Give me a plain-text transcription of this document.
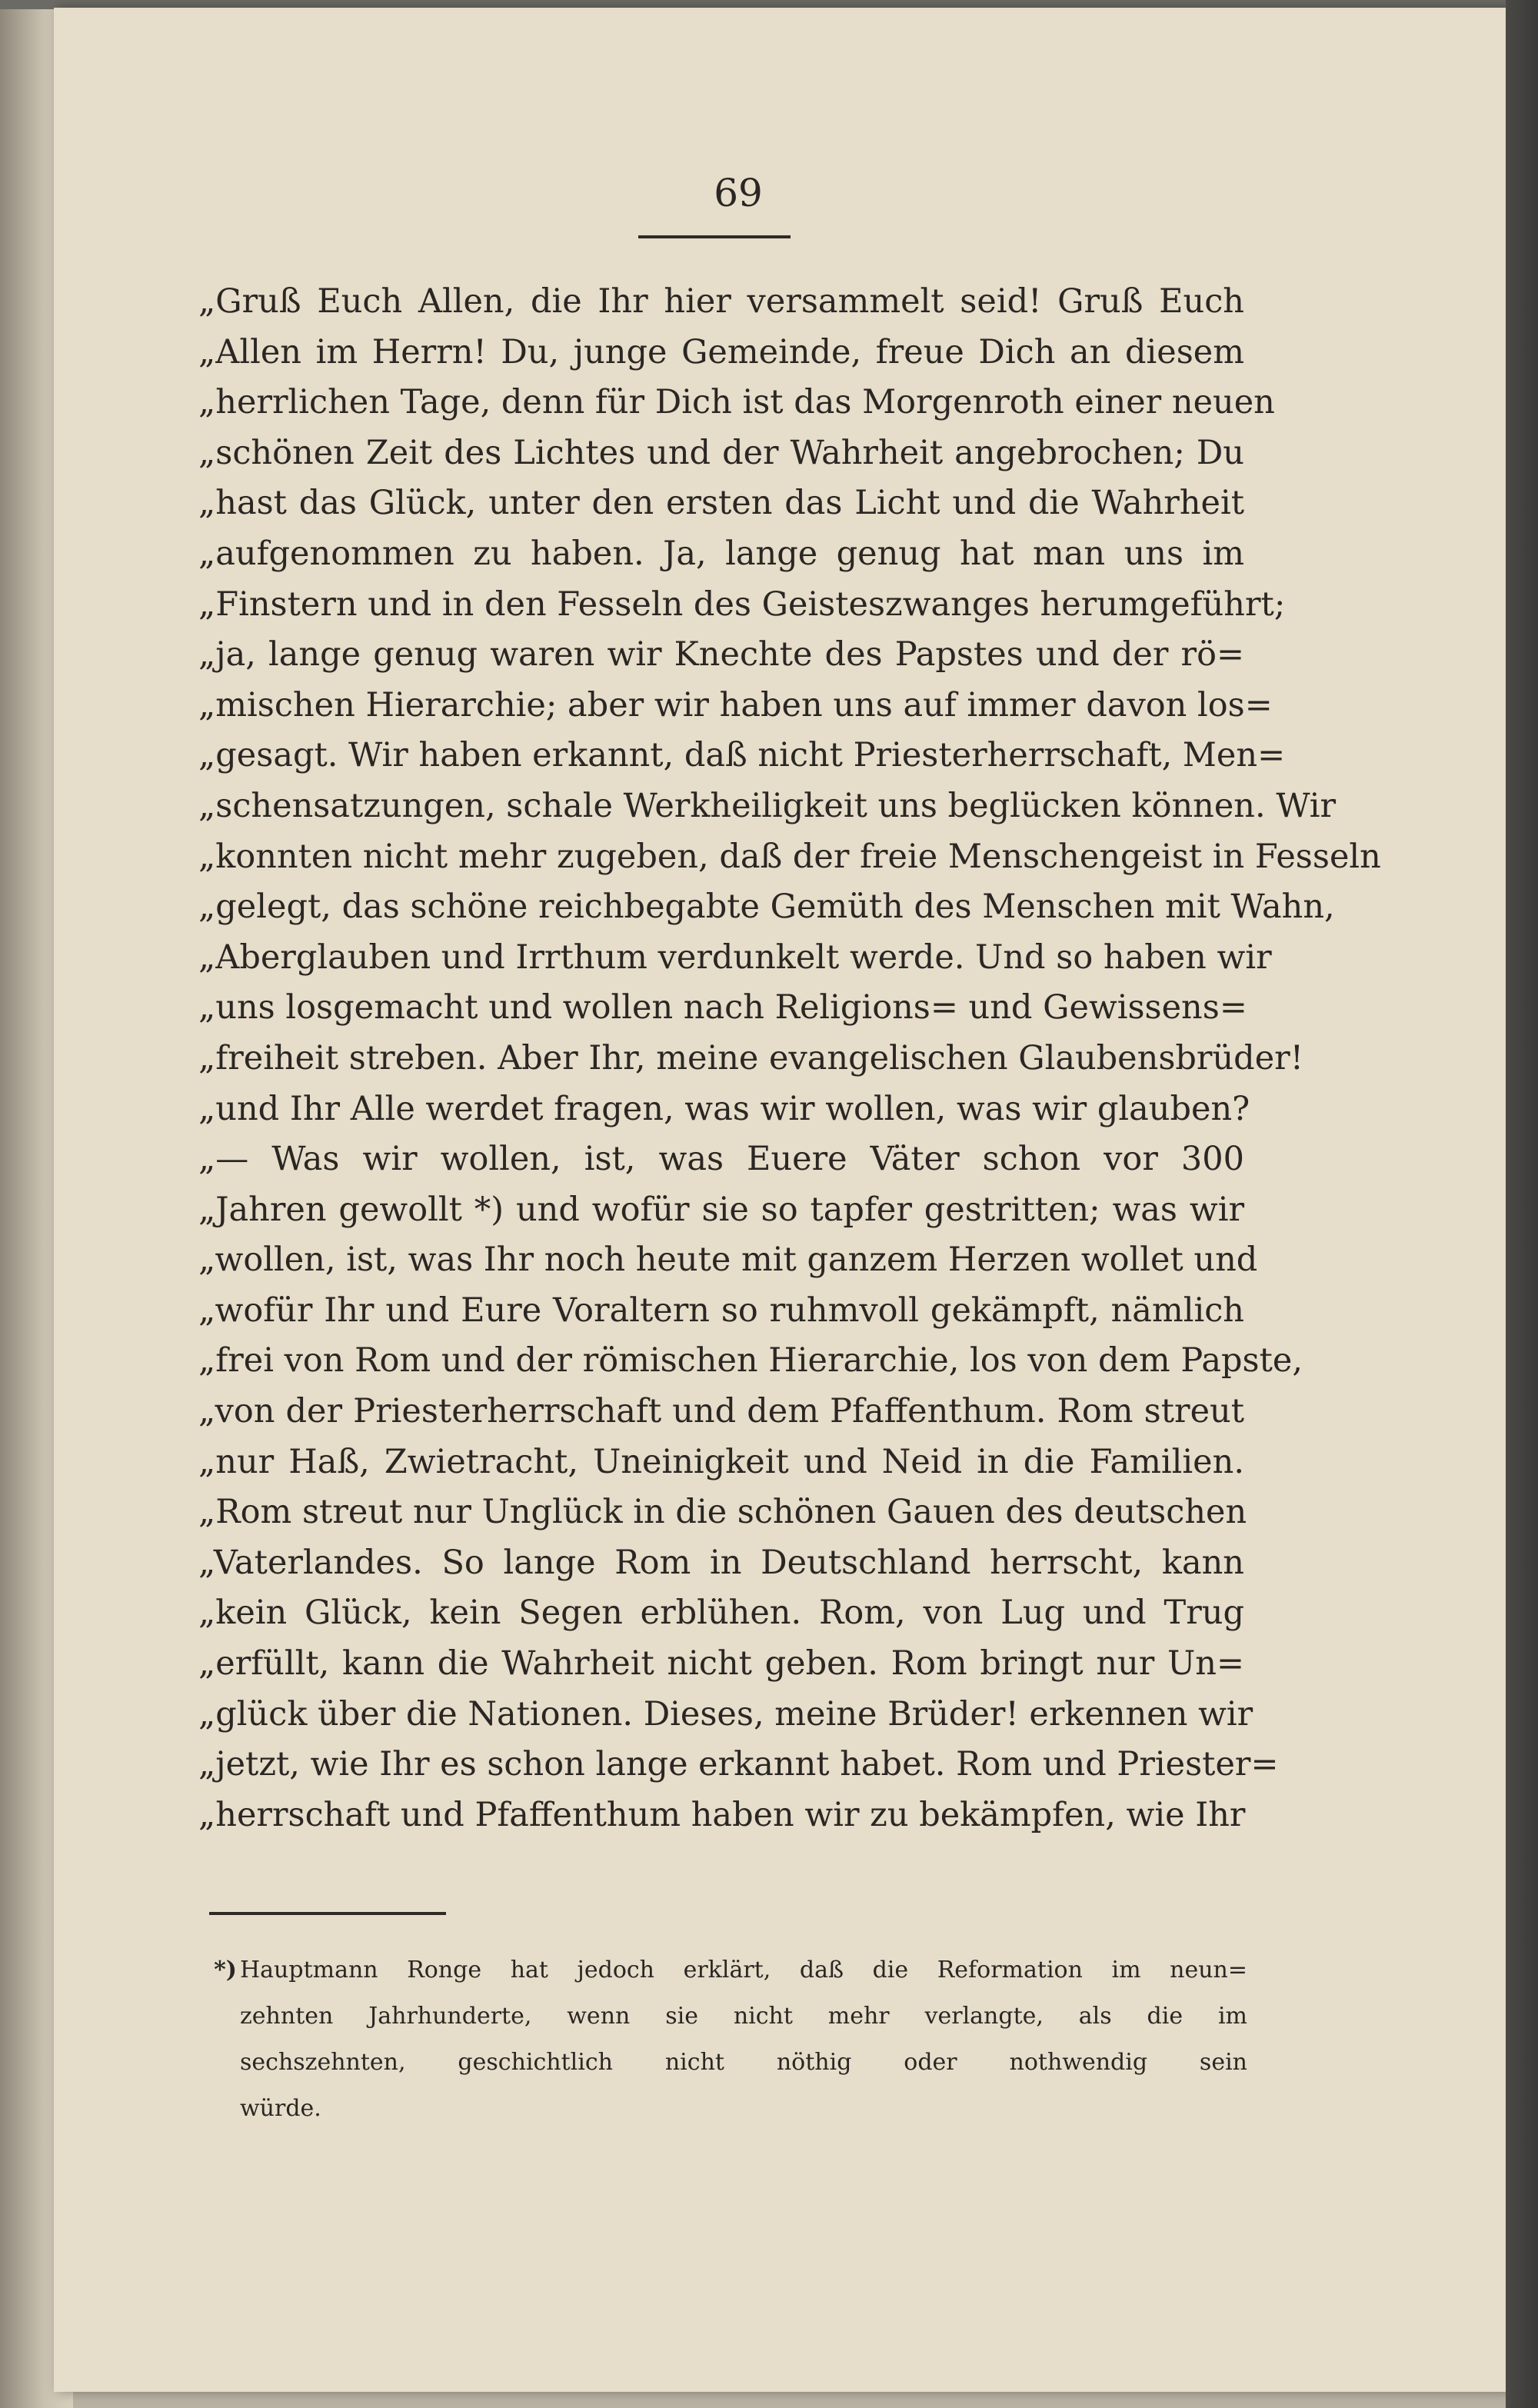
69
„Gruß Euch Allen, die Ihr hier versammelt seid! Gruß Euch
„Allen im Herrn! Du, junge Gemeinde, freue Dich an diesem
„herrlichen Tage, denn für Dich ist das Morgenroth einer neuen
„schönen Zeit des Lichtes und der Wahrheit angebrochen; Du
„hast das Glück, unter den ersten das Licht und die Wahrheit
„aufgenommen zu haben. Ja, lange genug hat man uns im
„Finstern und in den Fesseln des Geisteszwanges herumgeführt;
„ja, lange genug waren wir Knechte des Papstes und der rö=
„mischen Hierarchie; aber wir haben uns auf immer davon los=
„gesagt. Wir haben erkannt, daß nicht Priesterherrschaft, Men=
„schensatzungen, schale Werkheiligkeit uns beglücken können. Wir
„konnten nicht mehr zugeben, daß der freie Menschengeist in Fesseln
„gelegt, das schöne reichbegabte Gemüth des Menschen mit Wahn,
„Aberglauben und Irrthum verdunkelt werde. Und so haben wir
„uns losgemacht und wollen nach Religions= und Gewissens=
„freiheit streben. Aber Ihr, meine evangelischen Glaubensbrüder!
„und Ihr Alle werdet fragen, was wir wollen, was wir glauben?
„— Was wir wollen, ist, was Euere Väter schon vor 300
„Jahren gewollt *) und wofür sie so tapfer gestritten; was wir
„wollen, ist, was Ihr noch heute mit ganzem Herzen wollet und
„wofür Ihr und Eure Voraltern so ruhmvoll gekämpft, nämlich
„frei von Rom und der römischen Hierarchie, los von dem Papste,
„von der Priesterherrschaft und dem Pfaffenthum. Rom streut
„nur Haß, Zwietracht, Uneinigkeit und Neid in die Familien.
„Rom streut nur Unglück in die schönen Gauen des deutschen
„Vaterlandes. So lange Rom in Deutschland herrscht, kann
„kein Glück, kein Segen erblühen. Rom, von Lug und Trug
„erfüllt, kann die Wahrheit nicht geben. Rom bringt nur Un=
„glück über die Nationen. Dieses, meine Brüder! erkennen wir
„jetzt, wie Ihr es schon lange erkannt habet. Rom und Priester=
„herrschaft und Pfaffenthum haben wir zu bekämpfen, wie Ihr
*) Hauptmann Ronge hat jedoch erklärt, daß die Reformation im neun=
zehnten Jahrhunderte, wenn sie nicht mehr verlangte, als die im
sechszehnten, geschichtlich nicht nöthig oder nothwendig sein
würde.
